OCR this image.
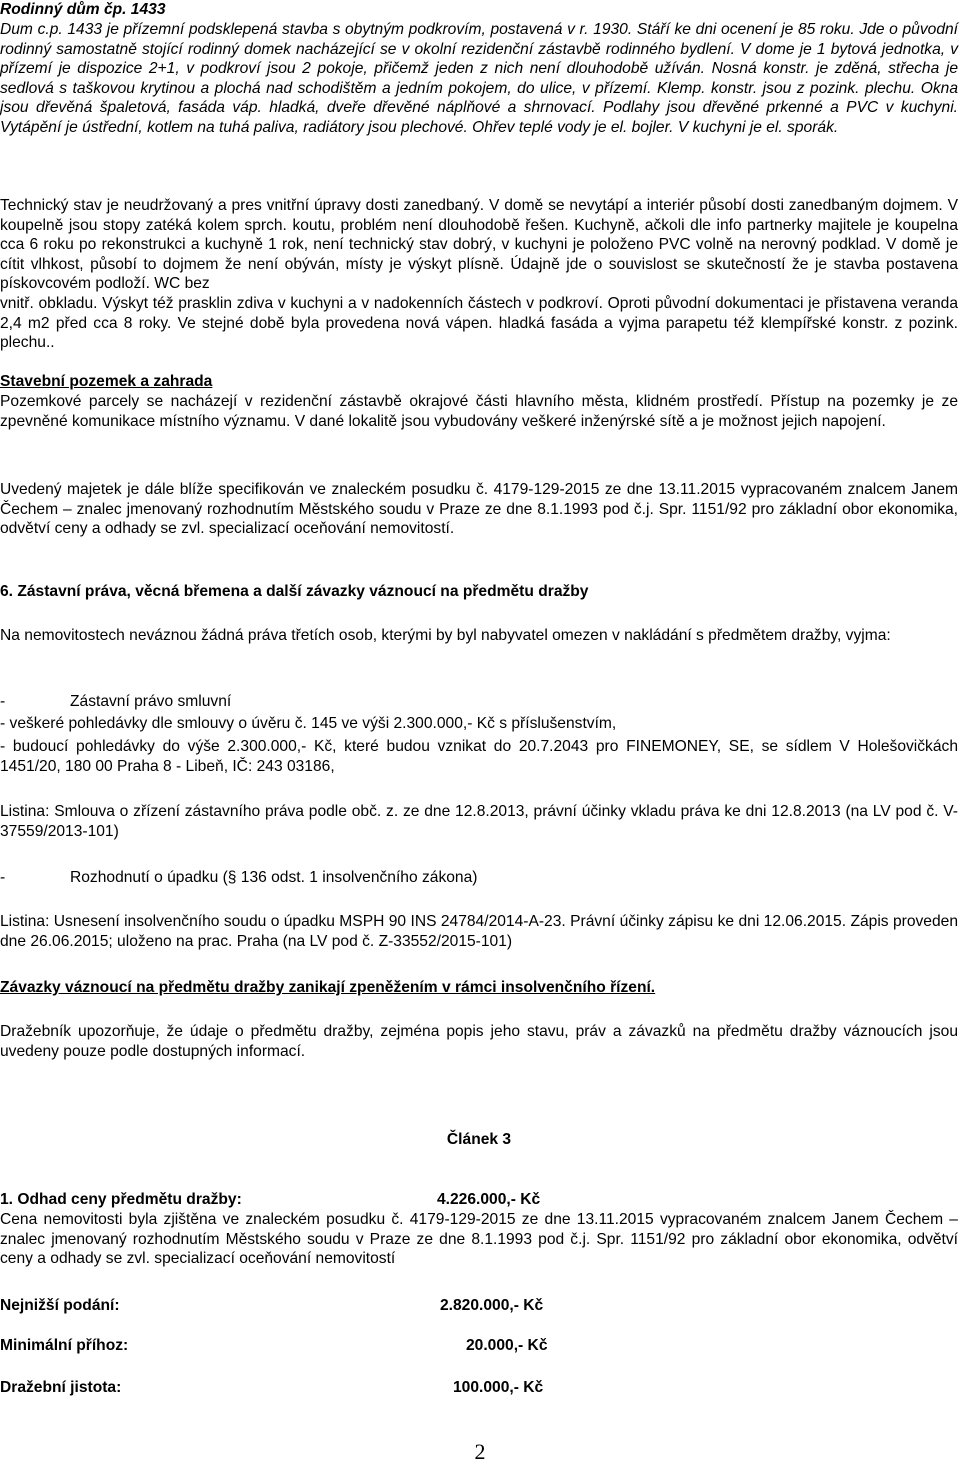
Rodinný dům čp. 1433
Dum c.p. 1433 je přízemní podsklepená stavba s obytným podkrovím, postavená v r. 1930. Stáří ke dni ocenení je 85 roku. Jde o původní rodinný samostatně stojící rodinný domek nacházející se v okolní rezidenční zástavbě rodinného bydlení. V dome je 1 bytová jednotka, v přízemí je dispozice 2+1, v podkroví jsou 2 pokoje, přičemž jeden z nich není dlouhodobě užíván. Nosná konstr. je zděná, střecha je sedlová s taškovou krytinou a plochá nad schodištěm a jedním pokojem, do ulice, v přízemí. Klemp. konstr. jsou z pozink. plechu. Okna jsou dřevěná špaletová, fasáda váp. hladká, dveře dřevěné náplňové a shrnovací. Podlahy jsou dřevěné prkenné a PVC v kuchyni. Vytápění je ústřední, kotlem na tuhá paliva, radiátory jsou plechové. Ohřev teplé vody je el. bojler. V kuchyni je el. sporák.
Technický stav je neudržovaný a pres vnitřní úpravy dosti zanedbaný. V domě se nevytápí a interiér působí dosti zanedbaným dojmem. V koupelně jsou stopy zatéká kolem sprch. koutu, problém není dlouhodobě řešen. Kuchyně, ačkoli dle info partnerky majitele je koupelna cca 6 roku po rekonstrukci a kuchyně 1 rok, není technický stav dobrý, v kuchyni je položeno PVC volně na nerovný podklad. V domě je cítit vlhkost, působí to dojmem že není obýván, místy je výskyt plísně. Údajně jde o souvislost se skutečností že je stavba postavena pískovcovém podloží. WC bez
vnitř. obkladu. Výskyt též prasklin zdiva v kuchyni a v nadokenních částech v podkroví. Oproti původní dokumentaci je přistavena veranda 2,4 m2 před cca 8 roky. Ve stejné době byla provedena nová vápen. hladká fasáda a vyjma parapetu též klempířské konstr. z pozink. plechu..
Stavební pozemek a zahrada
Pozemkové parcely se nacházejí v rezidenční zástavbě okrajové části hlavního města, klidném prostředí. Přístup na pozemky je ze zpevněné komunikace místního významu. V dané lokalitě jsou vybudovány veškeré inženýrské sítě a je možnost jejich napojení.
Uvedený majetek je dále blíže specifikován ve znaleckém posudku č. 4179-129-2015 ze dne 13.11.2015 vypracovaném znalcem Janem Čechem – znalec jmenovaný rozhodnutím Městského soudu v Praze ze dne 8.1.1993 pod č.j. Spr. 1151/92 pro základní obor ekonomika, odvětví ceny a odhady se zvl. specializací oceňování nemovitostí.
6. Zástavní práva, věcná břemena a další závazky váznoucí na předmětu dražby
Na nemovitostech neváznou žádná práva třetích osob, kterými by byl nabyvatel omezen v nakládání s předmětem dražby, vyjma:
-	Zástavní právo smluvní
- veškeré pohledávky dle smlouvy o úvěru č. 145 ve výši 2.300.000,- Kč s příslušenstvím,
- budoucí pohledávky do výše 2.300.000,- Kč, které budou vznikat do 20.7.2043 pro FINEMONEY, SE, se sídlem V Holešovičkách 1451/20, 180 00 Praha 8 - Libeň, IČ: 243 03186,
Listina: Smlouva o zřízení zástavního práva podle obč. z. ze dne 12.8.2013, právní účinky vkladu práva ke dni 12.8.2013 (na LV pod č. V-37559/2013-101)
-	Rozhodnutí o úpadku (§ 136 odst. 1 insolvenčního zákona)
Listina: Usnesení insolvenčního soudu o úpadku MSPH 90 INS 24784/2014-A-23. Právní účinky zápisu ke dni 12.06.2015. Zápis proveden dne 26.06.2015; uloženo na prac. Praha (na LV pod č. Z-33552/2015-101)
Závazky váznoucí na předmětu dražby zanikají zpeněžením v rámci insolvenčního řízení.
Dražebník upozorňuje, že údaje o předmětu dražby, zejména popis jeho stavu, práv a závazků na předmětu dražby váznoucích jsou uvedeny pouze podle dostupných informací.
Článek 3
1. Odhad ceny předmětu dražby:	4.226.000,- Kč
Cena nemovitosti byla zjištěna ve znaleckém posudku č. 4179-129-2015 ze dne 13.11.2015 vypracovaném znalcem Janem Čechem – znalec jmenovaný rozhodnutím Městského soudu v Praze ze dne 8.1.1993 pod č.j. Spr. 1151/92 pro základní obor ekonomika, odvětví ceny a odhady se zvl. specializací oceňování nemovitostí
Nejnižší podání:	2.820.000,- Kč
Minimální příhoz:	20.000,- Kč
Dražební jistota:	100.000,- Kč
2
